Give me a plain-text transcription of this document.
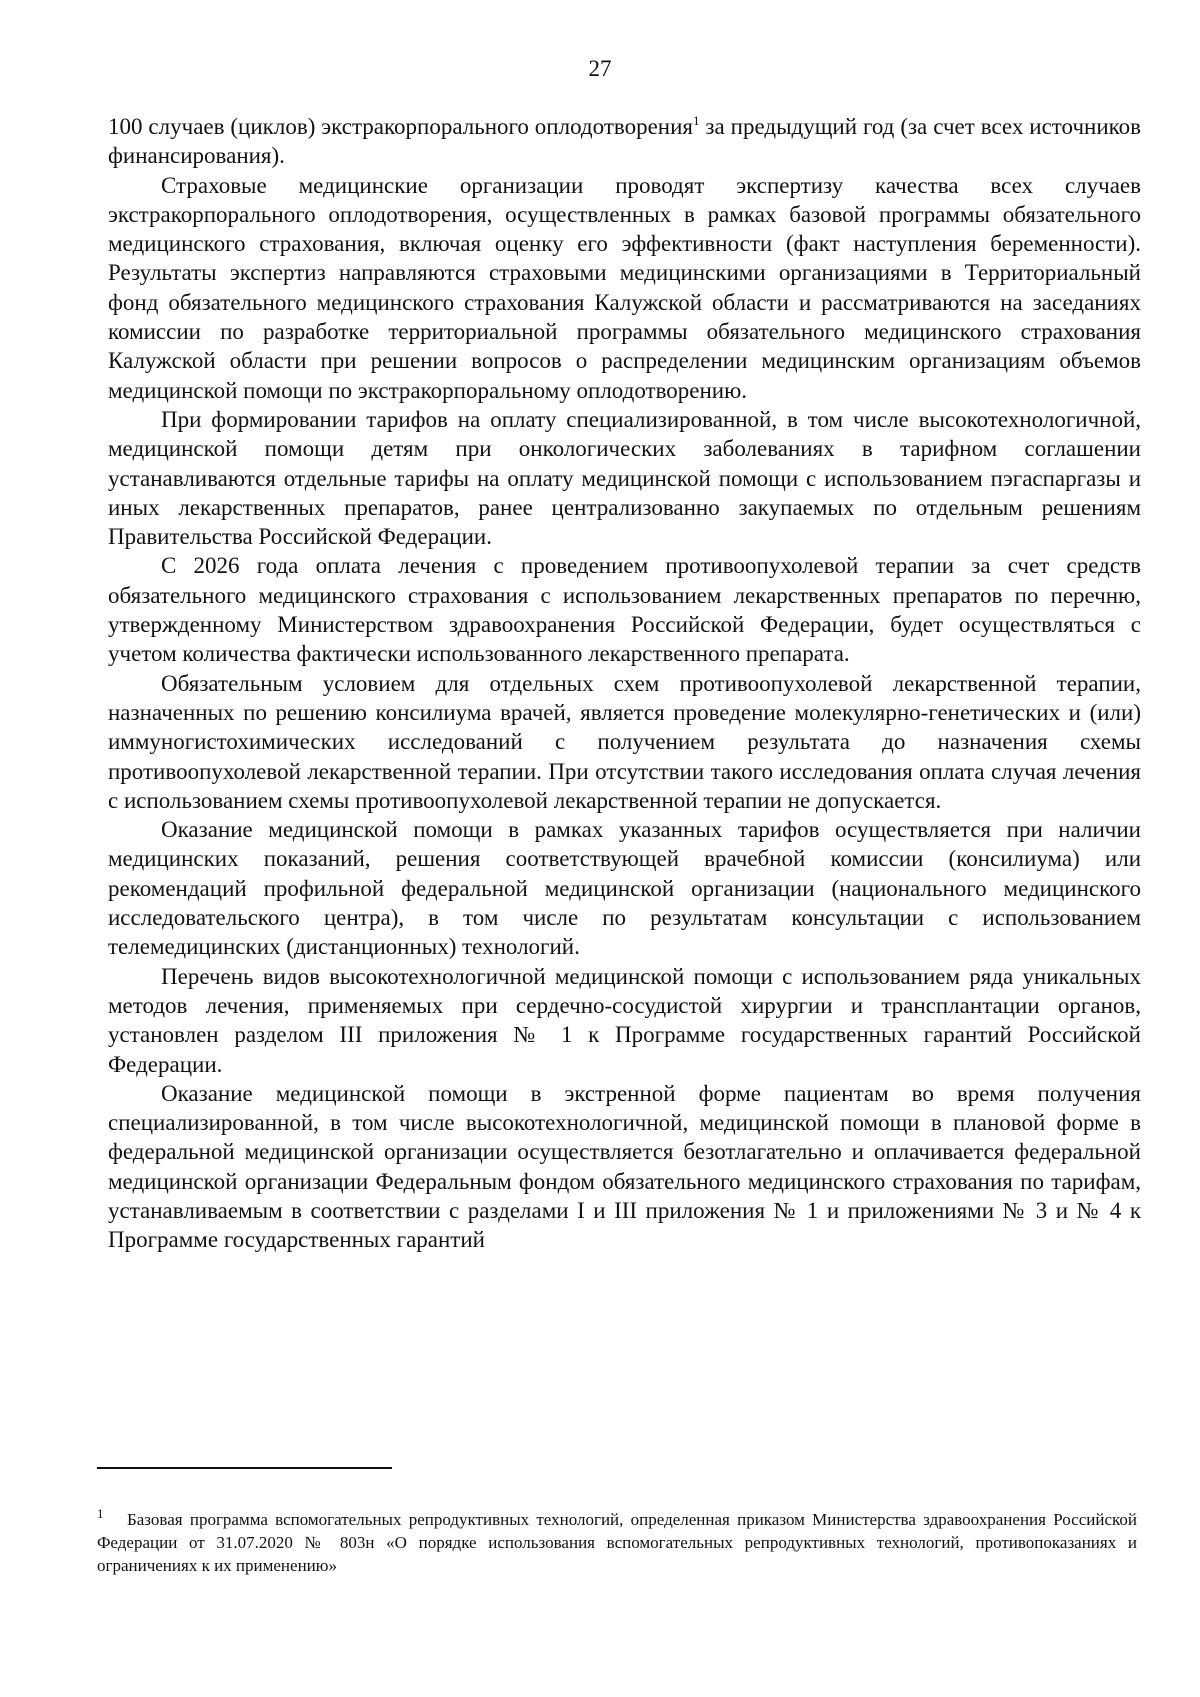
27

100 случаев (циклов) экстракорпорального оплодотворения$^1$ за предыдущий год (за счет всех источников финансирования).

Страховые медицинские организации проводят экспертизу качества всех случаев экстракорпорального оплодотворения, осуществленных в рамках базовой программы обязательного медицинского страхования, включая оценку его эффективности (факт наступления беременности). Результаты экспертиз направляются страховыми медицинскими организациями в Территориальный фонд обязательного медицинского страхования Калужской области и рассматриваются на заседаниях комиссии по разработке территориальной программы обязательного медицинского страхования Калужской области при решении вопросов о распределении медицинским организациям объемов медицинской помощи по экстракорпоральному оплодотворению.

При формировании тарифов на оплату специализированной, в том числе высокотехнологичной, медицинской помощи детям при онкологических заболеваниях в тарифном соглашении устанавливаются отдельные тарифы на оплату медицинской помощи с использованием пэгаспаргазы и иных лекарственных препаратов, ранее централизованно закупаемых по отдельным решениям Правительства Российской Федерации.

С 2026 года оплата лечения с проведением противоопухолевой терапии за счет средств обязательного медицинского страхования с использованием лекарственных препаратов по перечню, утвержденному Министерством здравоохранения Российской Федерации, будет осуществляться с учетом количества фактически использованного лекарственного препарата.

Обязательным условием для отдельных схем противоопухолевой лекарственной терапии, назначенных по решению консилиума врачей, является проведение молекулярно-генетических и (или) иммуногистохимических исследований с получением результата до назначения схемы противоопухолевой лекарственной терапии. При отсутствии такого исследования оплата случая лечения с использованием схемы противоопухолевой лекарственной терапии не допускается.

Оказание медицинской помощи в рамках указанных тарифов осуществляется при наличии медицинских показаний, решения соответствующей врачебной комиссии (консилиума) или рекомендаций профильной федеральной медицинской организации (национального медицинского исследовательского центра), в том числе по результатам консультации с использованием телемедицинских (дистанционных) технологий.

Перечень видов высокотехнологичной медицинской помощи с использованием ряда уникальных методов лечения, применяемых при сердечно-сосудистой хирургии и трансплантации органов, установлен разделом III приложения № 1 к Программе государственных гарантий Российской Федерации.

Оказание медицинской помощи в экстренной форме пациентам во время получения специализированной, в том числе высокотехнологичной, медицинской помощи в плановой форме в федеральной медицинской организации осуществляется безотлагательно и оплачивается федеральной медицинской организации Федеральным фондом обязательного медицинского страхования по тарифам, устанавливаемым в соответствии с разделами I и III приложения № 1 и приложениями № 3 и № 4 к Программе государственных гарантий

1 Базовая программа вспомогательных репродуктивных технологий, определенная приказом Министерства здравоохранения Российской Федерации от 31.07.2020 № 803н «О порядке использования вспомогательных репродуктивных технологий, противопоказаниях и ограничениях к их применению»
